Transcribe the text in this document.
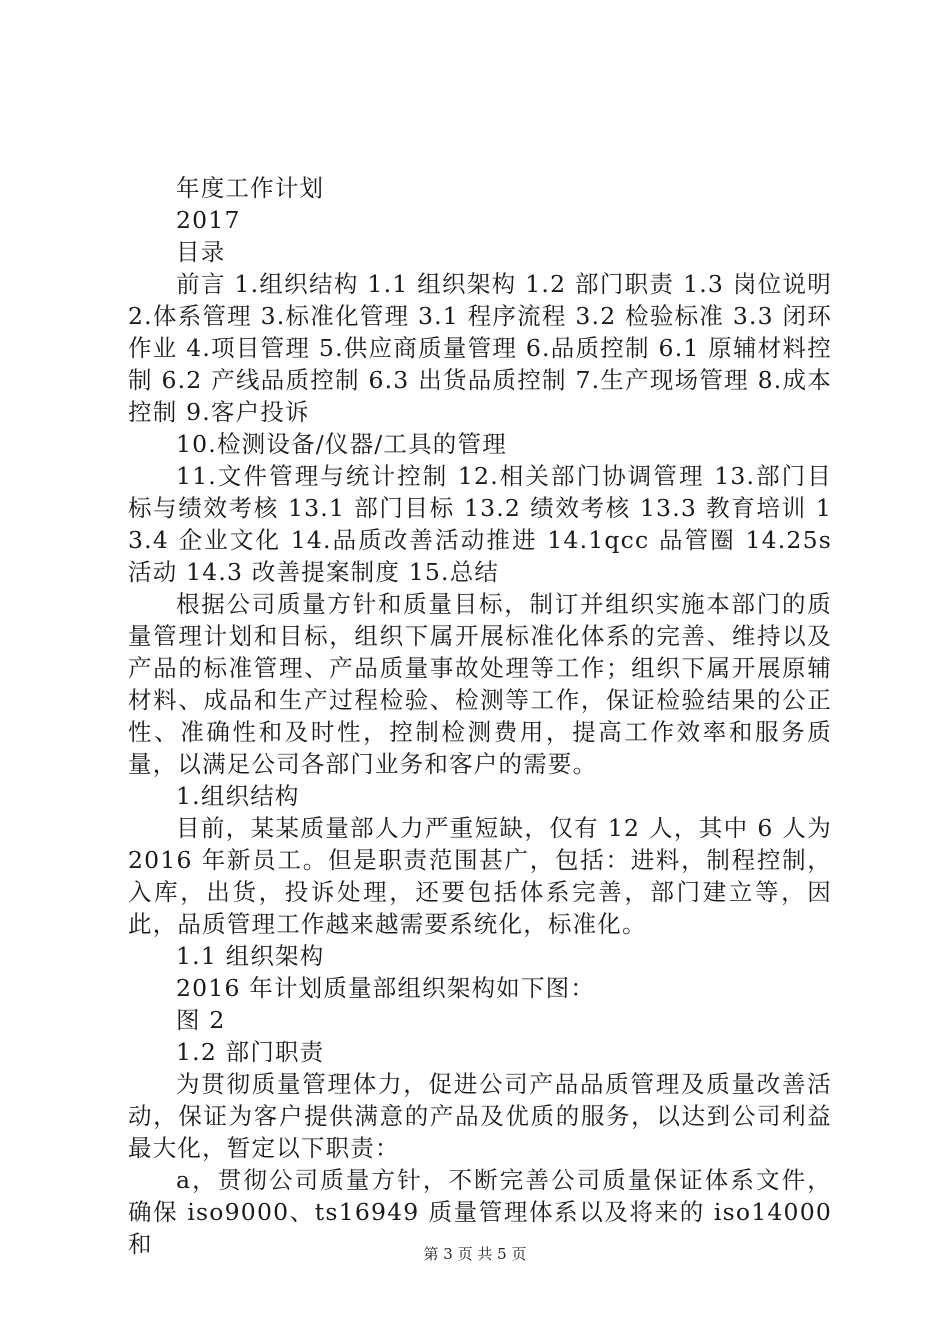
年度工作计划

2017

目录

前言 1.组织结构 1.1 组织架构 1.2 部门职责 1.3 岗位说明 2.体系管理 3.标准化管理 3.1 程序流程 3.2 检验标准 3.3 闭环作业 4.项目管理 5.供应商质量管理 6.品质控制 6.1 原辅材料控制 6.2 产线品质控制 6.3 出货品质控制 7.生产现场管理 8.成本控制 9.客户投诉

10.检测设备/仪器/工具的管理

11.文件管理与统计控制 12.相关部门协调管理 13.部门目标与绩效考核 13.1 部门目标 13.2 绩效考核 13.3 教育培训 13.4 企业文化 14.品质改善活动推进 14.1qcc 品管圈 14.25s 活动 14.3 改善提案制度 15.总结

根据公司质量方针和质量目标，制订并组织实施本部门的质量管理计划和目标，组织下属开展标准化体系的完善、维持以及产品的标准管理、产品质量事故处理等工作；组织下属开展原辅材料、成品和生产过程检验、检测等工作，保证检验结果的公正性、准确性和及时性，控制检测费用，提高工作效率和服务质量，以满足公司各部门业务和客户的需要。

1.组织结构

目前，某某质量部人力严重短缺，仅有 12 人，其中 6 人为 2016 年新员工。但是职责范围甚广，包括：进料，制程控制，入库，出货，投诉处理，还要包括体系完善，部门建立等，因此，品质管理工作越来越需要系统化，标准化。

1.1 组织架构

2016 年计划质量部组织架构如下图：

图 2

1.2 部门职责

为贯彻质量管理体力，促进公司产品品质管理及质量改善活动，保证为客户提供满意的产品及优质的服务，以达到公司利益最大化，暂定以下职责：

a，贯彻公司质量方针，不断完善公司质量保证体系文件，确保 iso9000、ts16949 质量管理体系以及将来的 iso14000 和	第 3 页 共 5 页
